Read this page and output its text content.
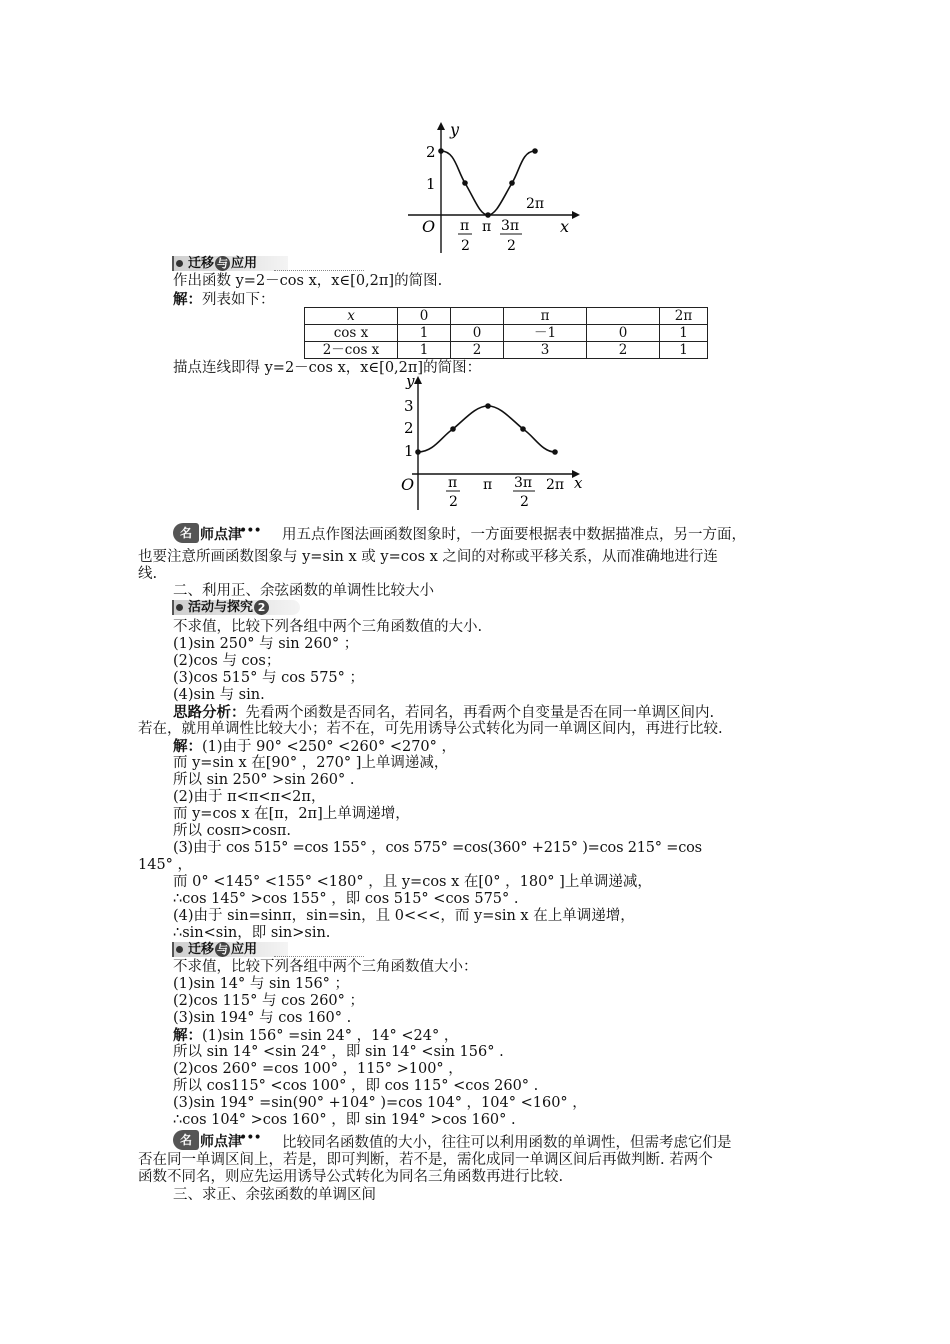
y
x
O
2
1
π
2
π 3π
2
2π
迁移 与 应用
作出函数 y=2－cos x，x∈[0,2π]的简图.
解：列表如下：
x	0		π		2π
cos x	1	0	－1	0	1
2－cos x	1	2	3	2	1
描点连线即得 y=2－cos x，x∈[0,2π]的简图：
y
x
O
3
2
1
π
2
π 3π
2
2π
名 师点津
••• 用五点作图法画函数图象时，一方面要根据表中数据描准点，另一方面，
也要注意所画函数图象与 y=sin x 或 y=cos x 之间的对称或平移关系，从而准确地进行连
线.
二、利用正、余弦函数的单调性比较大小
活动与探究 2
不求值，比较下列各组中两个三角函数值的大小.
(1)sin 250° 与 sin 260° ；
(2)cos 与 cos；
(3)cos 515° 与 cos 575° ；
(4)sin 与 sin.
思路分析：先看两个函数是否同名，若同名，再看两个自变量是否在同一单调区间内.
若在，就用单调性比较大小；若不在，可先用诱导公式转化为同一单调区间内，再进行比较.
解：(1)由于 90° <250° <260° <270° ，
而 y=sin x 在[90° ，270° ]上单调递减，
所以 sin 250° >sin 260° .
(2)由于 π<π<π<2π，
而 y=cos x 在[π，2π]上单调递增，
所以 cosπ>cosπ.
(3)由于 cos 515° =cos 155° ，cos 575° =cos(360° +215° )=cos 215° =cos
145° ，
而 0° <145° <155° <180° ，且 y=cos x 在[0° ，180° ]上单调递减，
∴cos 145° >cos 155° ，即 cos 515° <cos 575° .
(4)由于 sin=sinπ，sin=sin，且 0<<<，而 y=sin x 在上单调递增，
∴sin<sin，即 sin>sin.
迁移 与 应用
不求值，比较下列各组中两个三角函数值大小：
(1)sin 14° 与 sin 156° ；
(2)cos 115° 与 cos 260° ；
(3)sin 194° 与 cos 160° .
解：(1)sin 156° =sin 24° ，14° <24° ，
所以 sin 14° <sin 24° ，即 sin 14° <sin 156° .
(2)cos 260° =cos 100° ，115° >100° ，
所以 cos115° <cos 100° ，即 cos 115° <cos 260° .
(3)sin 194° =sin(90° +104° )=cos 104° ，104° <160° ，
∴cos 104° >cos 160° ，即 sin 194° >cos 160° .
名 师点津
••• 比较同名函数值的大小，往往可以利用函数的单调性，但需考虑它们是
否在同一单调区间上，若是，即可判断，若不是，需化成同一单调区间后再做判断. 若两个
函数不同名，则应先运用诱导公式转化为同名三角函数再进行比较.
三、求正、余弦函数的单调区间
